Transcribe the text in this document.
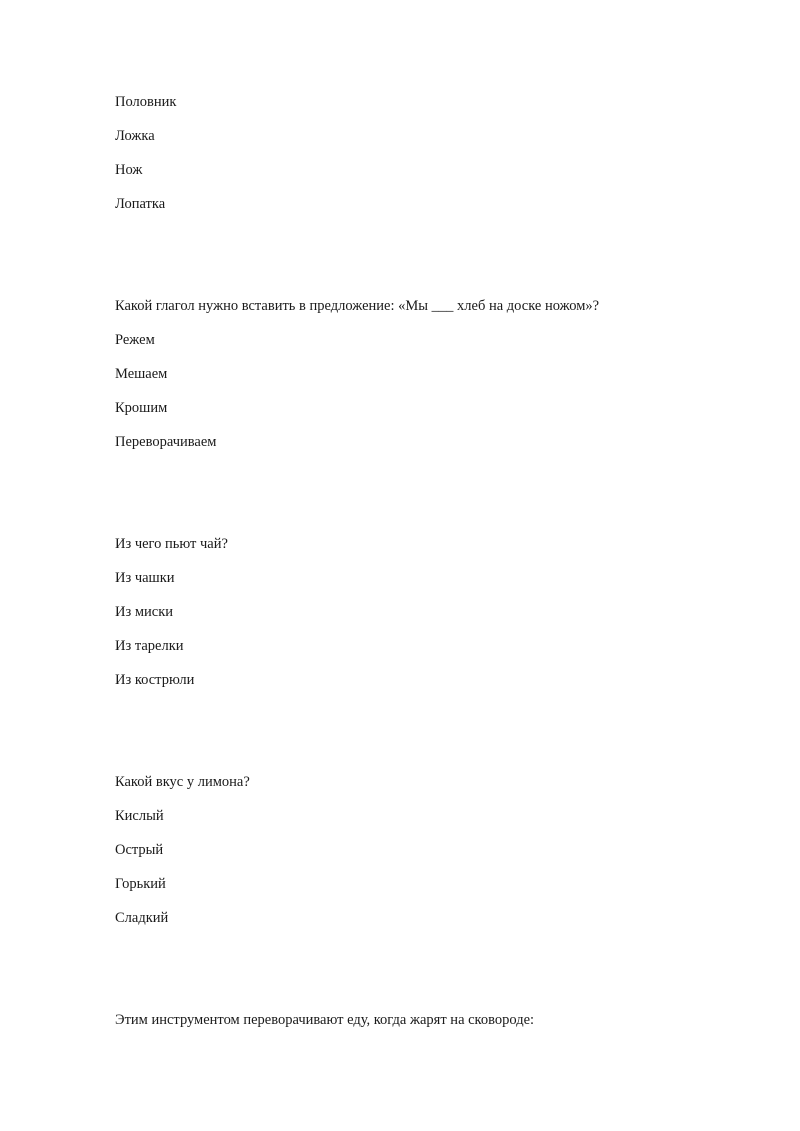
Половник
Ложка
Нож
Лопатка
Какой глагол нужно вставить в предложение: «Мы ___ хлеб на доске ножом»?
Режем
Мешаем
Крошим
Переворачиваем
Из чего пьют чай?
Из чашки
Из миски
Из тарелки
Из кострюли
Какой вкус у лимона?
Кислый
Острый
Горький
Сладкий
Этим инструментом переворачивают еду, когда жарят на сковороде:
